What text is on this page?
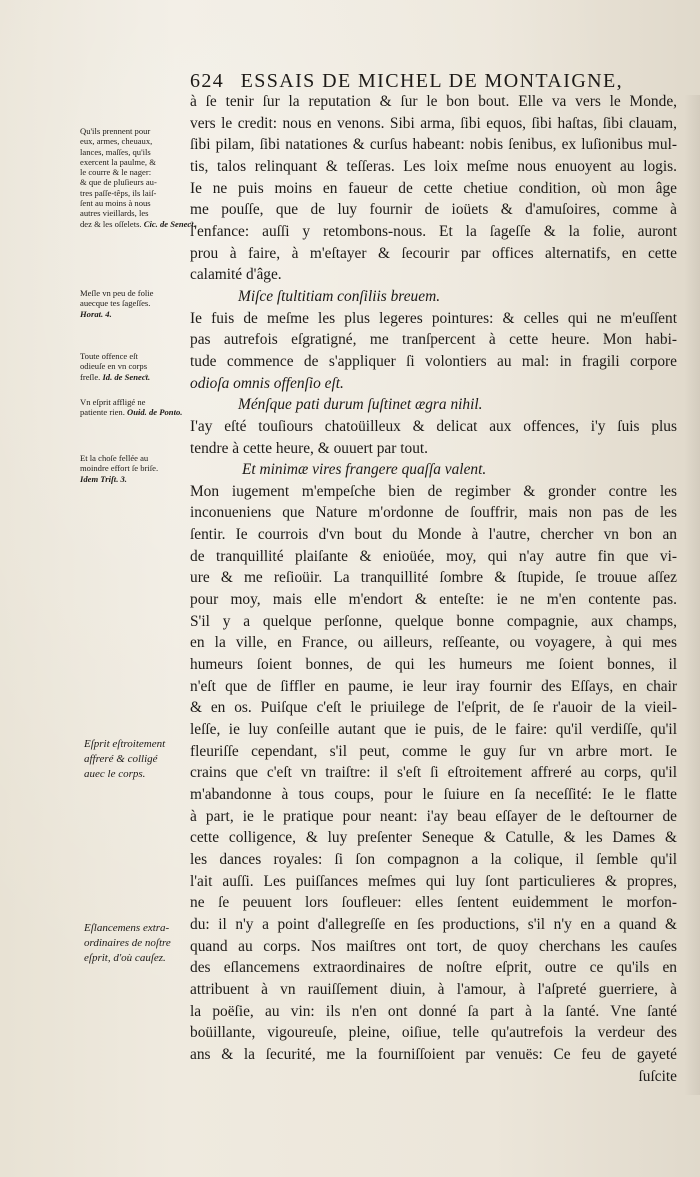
624 ESSAIS DE MICHEL DE MONTAIGNE,
Qu'ils prennent pour
eux, armes, cheuaux,
lances, maſſes, qu'ils
exercent la paulme, &
le courre & le nager:
& que de pluſieurs au-
tres paſſe-têps, ils laiſ-
ſent au moins à nous
autres vieillards, les
dez & les oſſelets. Cic. de Seneƈt.
Meſle vn peu de folie
auecque tes ſageſſes.
Horat. 4.
Toute offence eſt
odieuſe en vn corps
freſle. Id. de Seneƈt.
Vn eſprit affligé ne
patiente rien. Ouid. de Ponto.
Et la choſe fellée au
moindre effort ſe briſe.
Idem Triſt. 3.
Eſprit eſtroitement
affreré & colligé
auec le corps.
Eſlancemens extra-
ordinaires de noſtre
eſprit, d'où cauſez.
à ſe tenir ſur la reputation & ſur le bon bout. Elle va vers le Monde,
vers le credit: nous en venons. Sibi arma, ſibi equos, ſibi haſtas, ſibi clauam,
ſibi pilam, ſibi natationes & curſus habeant: nobis ſenibus, ex luſionibus mul-
tis, talos relinquant & teſſeras. Les loix meſme nous enuoyent au logis.
Ie ne puis moins en faueur de cette chetiue condition, où mon âge
me pouſſe, que de luy fournir de ioüets & d'amuſoires, comme à
l'enfance: auſſi y retombons-nous. Et la ſageſſe & la folie, auront
prou à faire, à m'eſtayer & ſecourir par offices alternatifs, en cette
calamité d'âge.
Miſce ſtultitiam conſiliis breuem.
Ie fuis de meſme les plus legeres pointures: & celles qui ne m'euſſent
pas autrefois eſgratigné, me tranſpercent à cette heure. Mon habi-
tude commence de s'appliquer ſi volontiers au mal: in fragili corpore
odioſa omnis offenſio eſt.
Ménſque pati durum ſuſtinet ægra nihil.
I'ay eſté touſiours chatoüilleux & delicat aux offences, i'y ſuis plus
tendre à cette heure, & ouuert par tout.
Et minimæ vires frangere quaſſa valent.
Mon iugement m'empeſche bien de regimber & gronder contre les
inconueniens que Nature m'ordonne de ſouffrir, mais non pas de les
ſentir. Ie courrois d'vn bout du Monde à l'autre, chercher vn bon an
de tranquillité plaiſante & enioüée, moy, qui n'ay autre fin que vi-
ure & me reſioüir. La tranquillité ſombre & ſtupide, ſe trouue aſſez
pour moy, mais elle m'endort & enteſte: ie ne m'en contente pas.
S'il y a quelque perſonne, quelque bonne compagnie, aux champs,
en la ville, en France, ou ailleurs, reſſeante, ou voyagere, à qui mes
humeurs ſoient bonnes, de qui les humeurs me ſoient bonnes, il
n'eſt que de ſiffler en paume, ie leur iray fournir des Eſſays, en chair
& en os. Puiſque c'eſt le priuilege de l'eſprit, de ſe r'auoir de la vieil-
leſſe, ie luy conſeille autant que ie puis, de le faire: qu'il verdiſſe, qu'il
fleuriſſe cependant, s'il peut, comme le guy ſur vn arbre mort. Ie
crains que c'eſt vn traiſtre: il s'eſt ſi eſtroitement affreré au corps, qu'il
m'abandonne à tous coups, pour le ſuiure en ſa neceſſité: Ie le flatte
à part, ie le pratique pour neant: i'ay beau eſſayer de le deſtourner de
cette colligence, & luy preſenter Seneque & Catulle, & les Dames &
les dances royales: ſi ſon compagnon a la colique, il ſemble qu'il
l'ait auſſi. Les puiſſances meſmes qui luy ſont particulieres & propres,
ne ſe peuuent lors ſoufleuer: elles ſentent euidemment le morfon-
du: il n'y a point d'allegreſſe en ſes productions, s'il n'y en a quand &
quand au corps. Nos maiſtres ont tort, de quoy cherchans les cauſes
des eſlancemens extraordinaires de noſtre eſprit, outre ce qu'ils en
attribuent à vn rauiſſement diuin, à l'amour, à l'aſpreté guerriere, à
la poëſie, au vin: ils n'en ont donné ſa part à la ſanté. Vne ſanté
boüillante, vigoureuſe, pleine, oiſiue, telle qu'autrefois la verdeur des
ans & la ſecurité, me la fourniſſoient par venuës: Ce feu de gayeté
ſuſcite
